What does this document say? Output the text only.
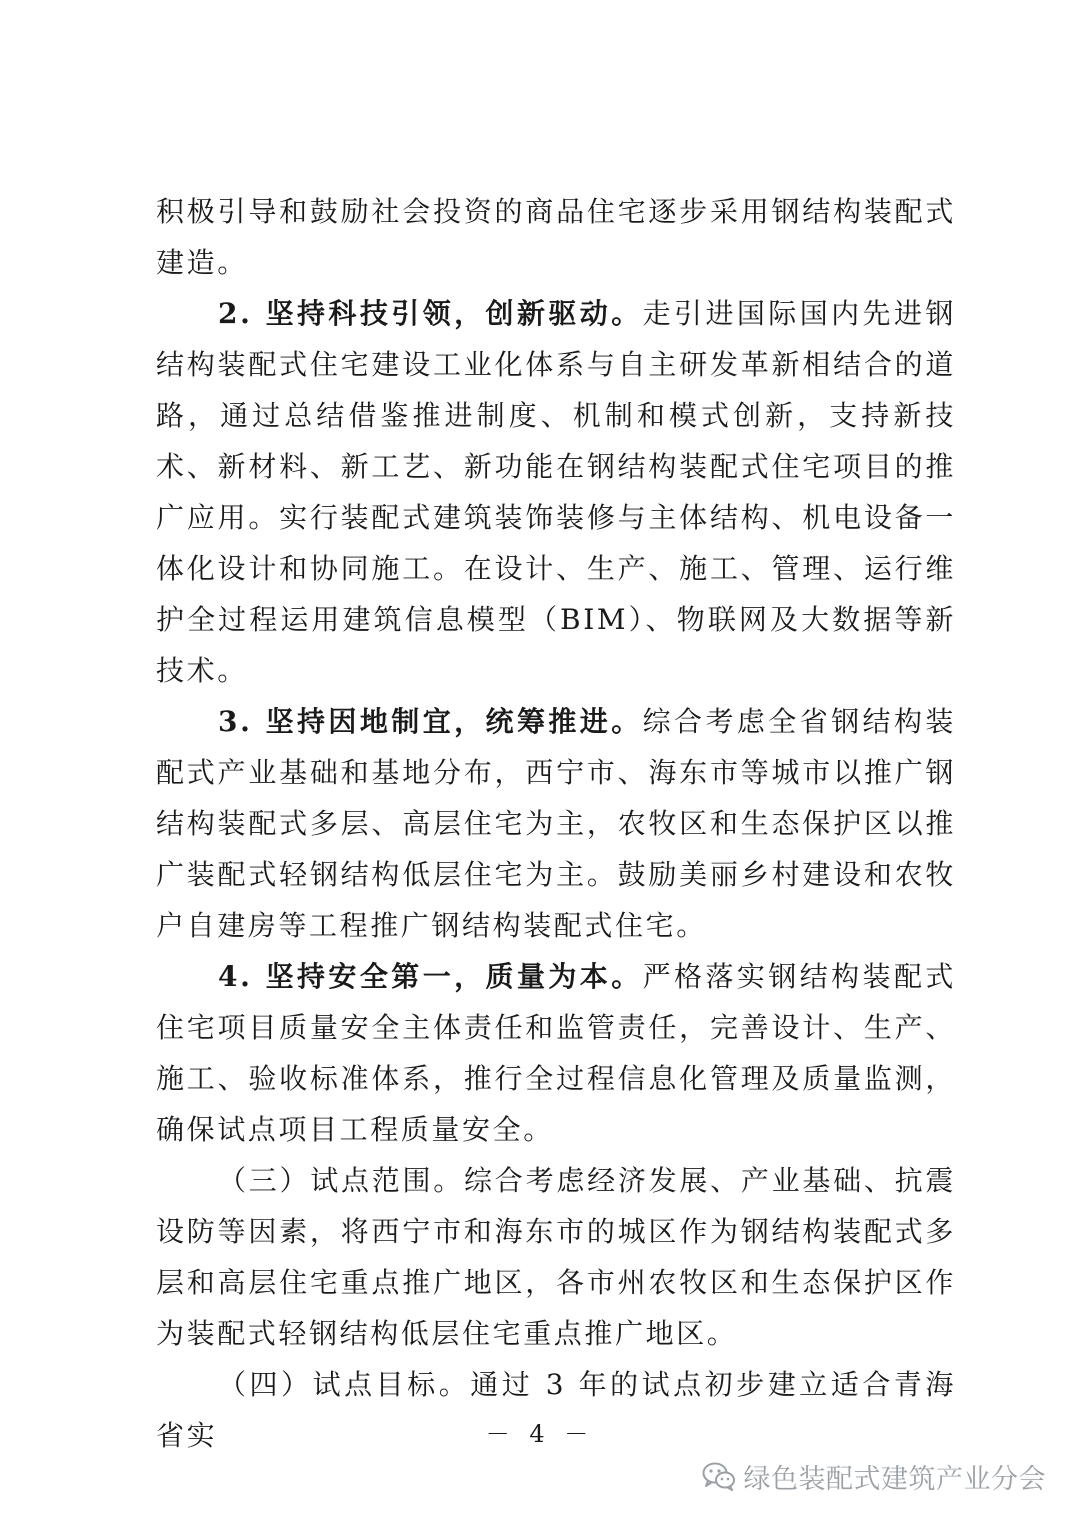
积极引导和鼓励社会投资的商品住宅逐步采用钢结构装配式建造。

2. 坚持科技引领，创新驱动。走引进国际国内先进钢结构装配式住宅建设工业化体系与自主研发革新相结合的道路，通过总结借鉴推进制度、机制和模式创新，支持新技术、新材料、新工艺、新功能在钢结构装配式住宅项目的推广应用。实行装配式建筑装饰装修与主体结构、机电设备一体化设计和协同施工。在设计、生产、施工、管理、运行维护全过程运用建筑信息模型（BIM）、物联网及大数据等新技术。

3. 坚持因地制宜，统筹推进。综合考虑全省钢结构装配式产业基础和基地分布，西宁市、海东市等城市以推广钢结构装配式多层、高层住宅为主，农牧区和生态保护区以推广装配式轻钢结构低层住宅为主。鼓励美丽乡村建设和农牧户自建房等工程推广钢结构装配式住宅。

4. 坚持安全第一，质量为本。严格落实钢结构装配式住宅项目质量安全主体责任和监管责任，完善设计、生产、施工、验收标准体系，推行全过程信息化管理及质量监测，确保试点项目工程质量安全。

（三）试点范围。综合考虑经济发展、产业基础、抗震设防等因素，将西宁市和海东市的城区作为钢结构装配式多层和高层住宅重点推广地区，各市州农牧区和生态保护区作为装配式轻钢结构低层住宅重点推广地区。

（四）试点目标。通过 3 年的试点初步建立适合青海省实	－ 4 －
绿色装配式建筑产业分会
